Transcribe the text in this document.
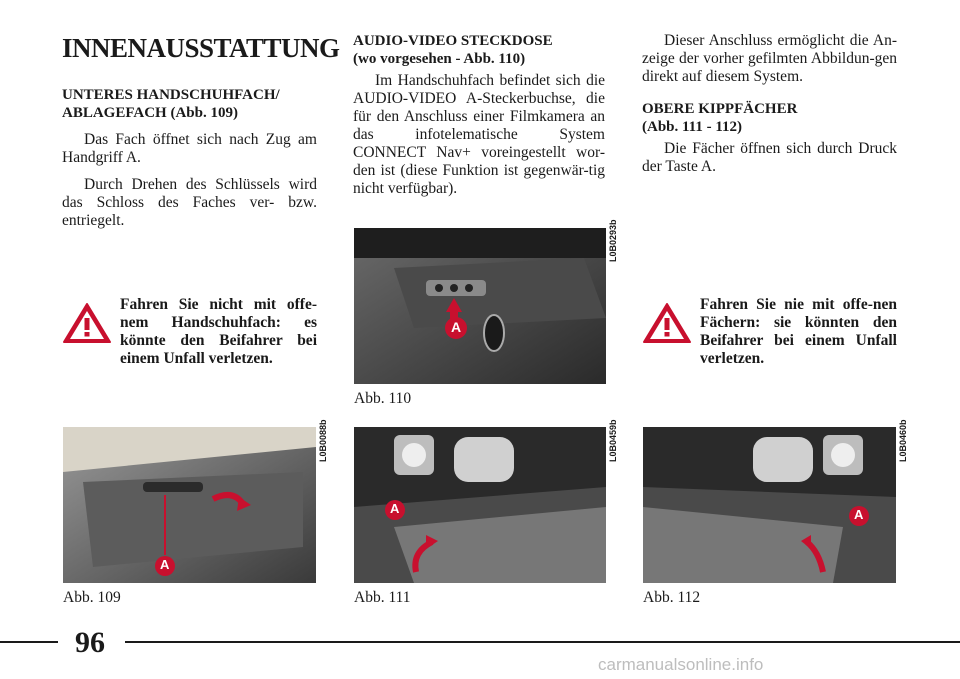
INNENAUSSTATTUNG
UNTERES HANDSCHUHFACH/
ABLAGEFACH (Abb. 109)

Das Fach öffnet sich nach Zug am Handgriff A.

Durch Drehen des Schlüssels wird das Schloss des Faches ver- bzw. entriegelt.

AUDIO-VIDEO STECKDOSE
(wo vorgesehen - Abb. 110)

Im Handschuhfach befindet sich die AUDIO-VIDEO A-Steckerbuchse, die für den Anschluss einer Filmkamera an das infotelematische System CONNECT Nav+ voreingestellt wor-den ist (diese Funktion ist gegenwär-tig nicht verfügbar).

Dieser Anschluss ermöglicht die An-zeige der vorher gefilmten Abbildun-gen direkt auf diesem System.

OBERE KIPPFÄCHER
(Abb. 111 - 112)

Die Fächer öffnen sich durch Druck der Taste A.

Fahren Sie nicht mit offe-nem Handschuhfach: es könnte den Beifahrer bei einem Unfall verletzen.
Fahren Sie nie mit offe-nen Fächern: sie könnten den Beifahrer bei einem Unfall verletzen.
A
L0B0293b
Abb. 110
A
L0B0088b
Abb. 109
A
L0B0459b
Abb. 111
A
L0B0460b
Abb. 112
96
carmanualsonline.info
